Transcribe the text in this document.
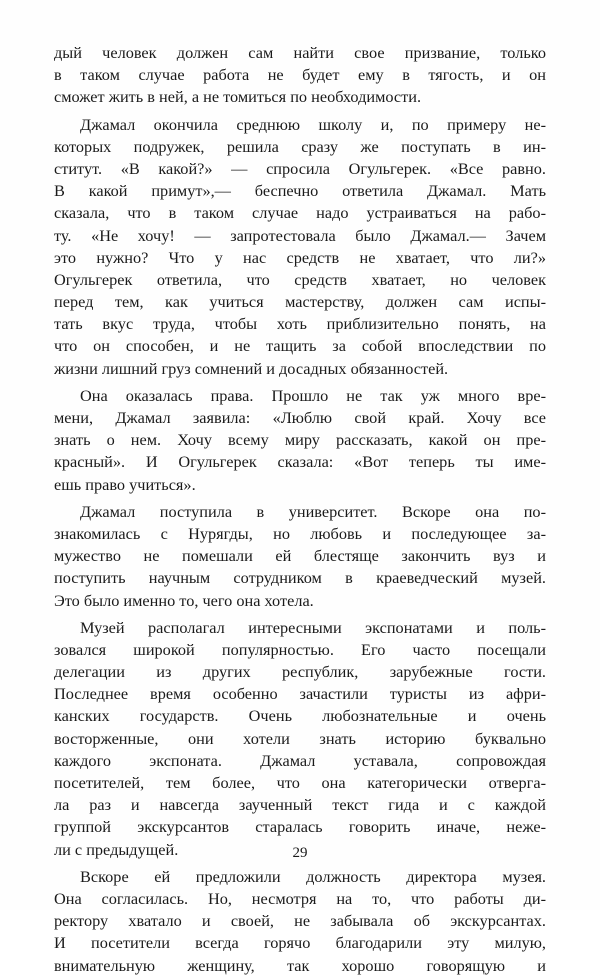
дый человек должен сам найти свое призвание, только
в таком случае работа не будет ему в тягость, и он
сможет жить в ней, а не томиться по необходимости.
Джамал окончила среднюю школу и, по примеру не-
которых подружек, решила сразу же поступать в ин-
ститут. «В какой?» — спросила Огульгерек. «Все равно.
В какой примут»,— беспечно ответила Джамал. Мать
сказала, что в таком случае надо устраиваться на рабо-
ту. «Не хочу! — запротестовала было Джамал.— Зачем
это нужно? Что у нас средств не хватает, что ли?»
Огульгерек ответила, что средств хватает, но человек
перед тем, как учиться мастерству, должен сам испы-
тать вкус труда, чтобы хоть приблизительно понять, на
что он способен, и не тащить за собой впоследствии по
жизни лишний груз сомнений и досадных обязанностей.
Она оказалась права. Прошло не так уж много вре-
мени, Джамал заявила: «Люблю свой край. Хочу все
знать о нем. Хочу всему миру рассказать, какой он пре-
красный». И Огульгерек сказала: «Вот теперь ты име-
ешь право учиться».
Джамал поступила в университет. Вскоре она по-
знакомилась с Нурягды, но любовь и последующее за-
мужество не помешали ей блестяще закончить вуз и
поступить научным сотрудником в краеведческий музей.
Это было именно то, чего она хотела.
Музей располагал интересными экспонатами и поль-
зовался широкой популярностью. Его часто посещали
делегации из других республик, зарубежные гости.
Последнее время особенно зачастили туристы из афри-
канских государств. Очень любознательные и очень
восторженные, они хотели знать историю буквально
каждого экспоната. Джамал уставала, сопровождая
посетителей, тем более, что она категорически отверга-
ла раз и навсегда заученный текст гида и с каждой
группой экскурсантов старалась говорить иначе, неже-
ли с предыдущей.
Вскоре ей предложили должность директора музея.
Она согласилась. Но, несмотря на то, что работы ди-
ректору хватало и своей, не забывала об экскурсантах.
И посетители всегда горячо благодарили эту милую,
внимательную женщину, так хорошо говорящую и
29
